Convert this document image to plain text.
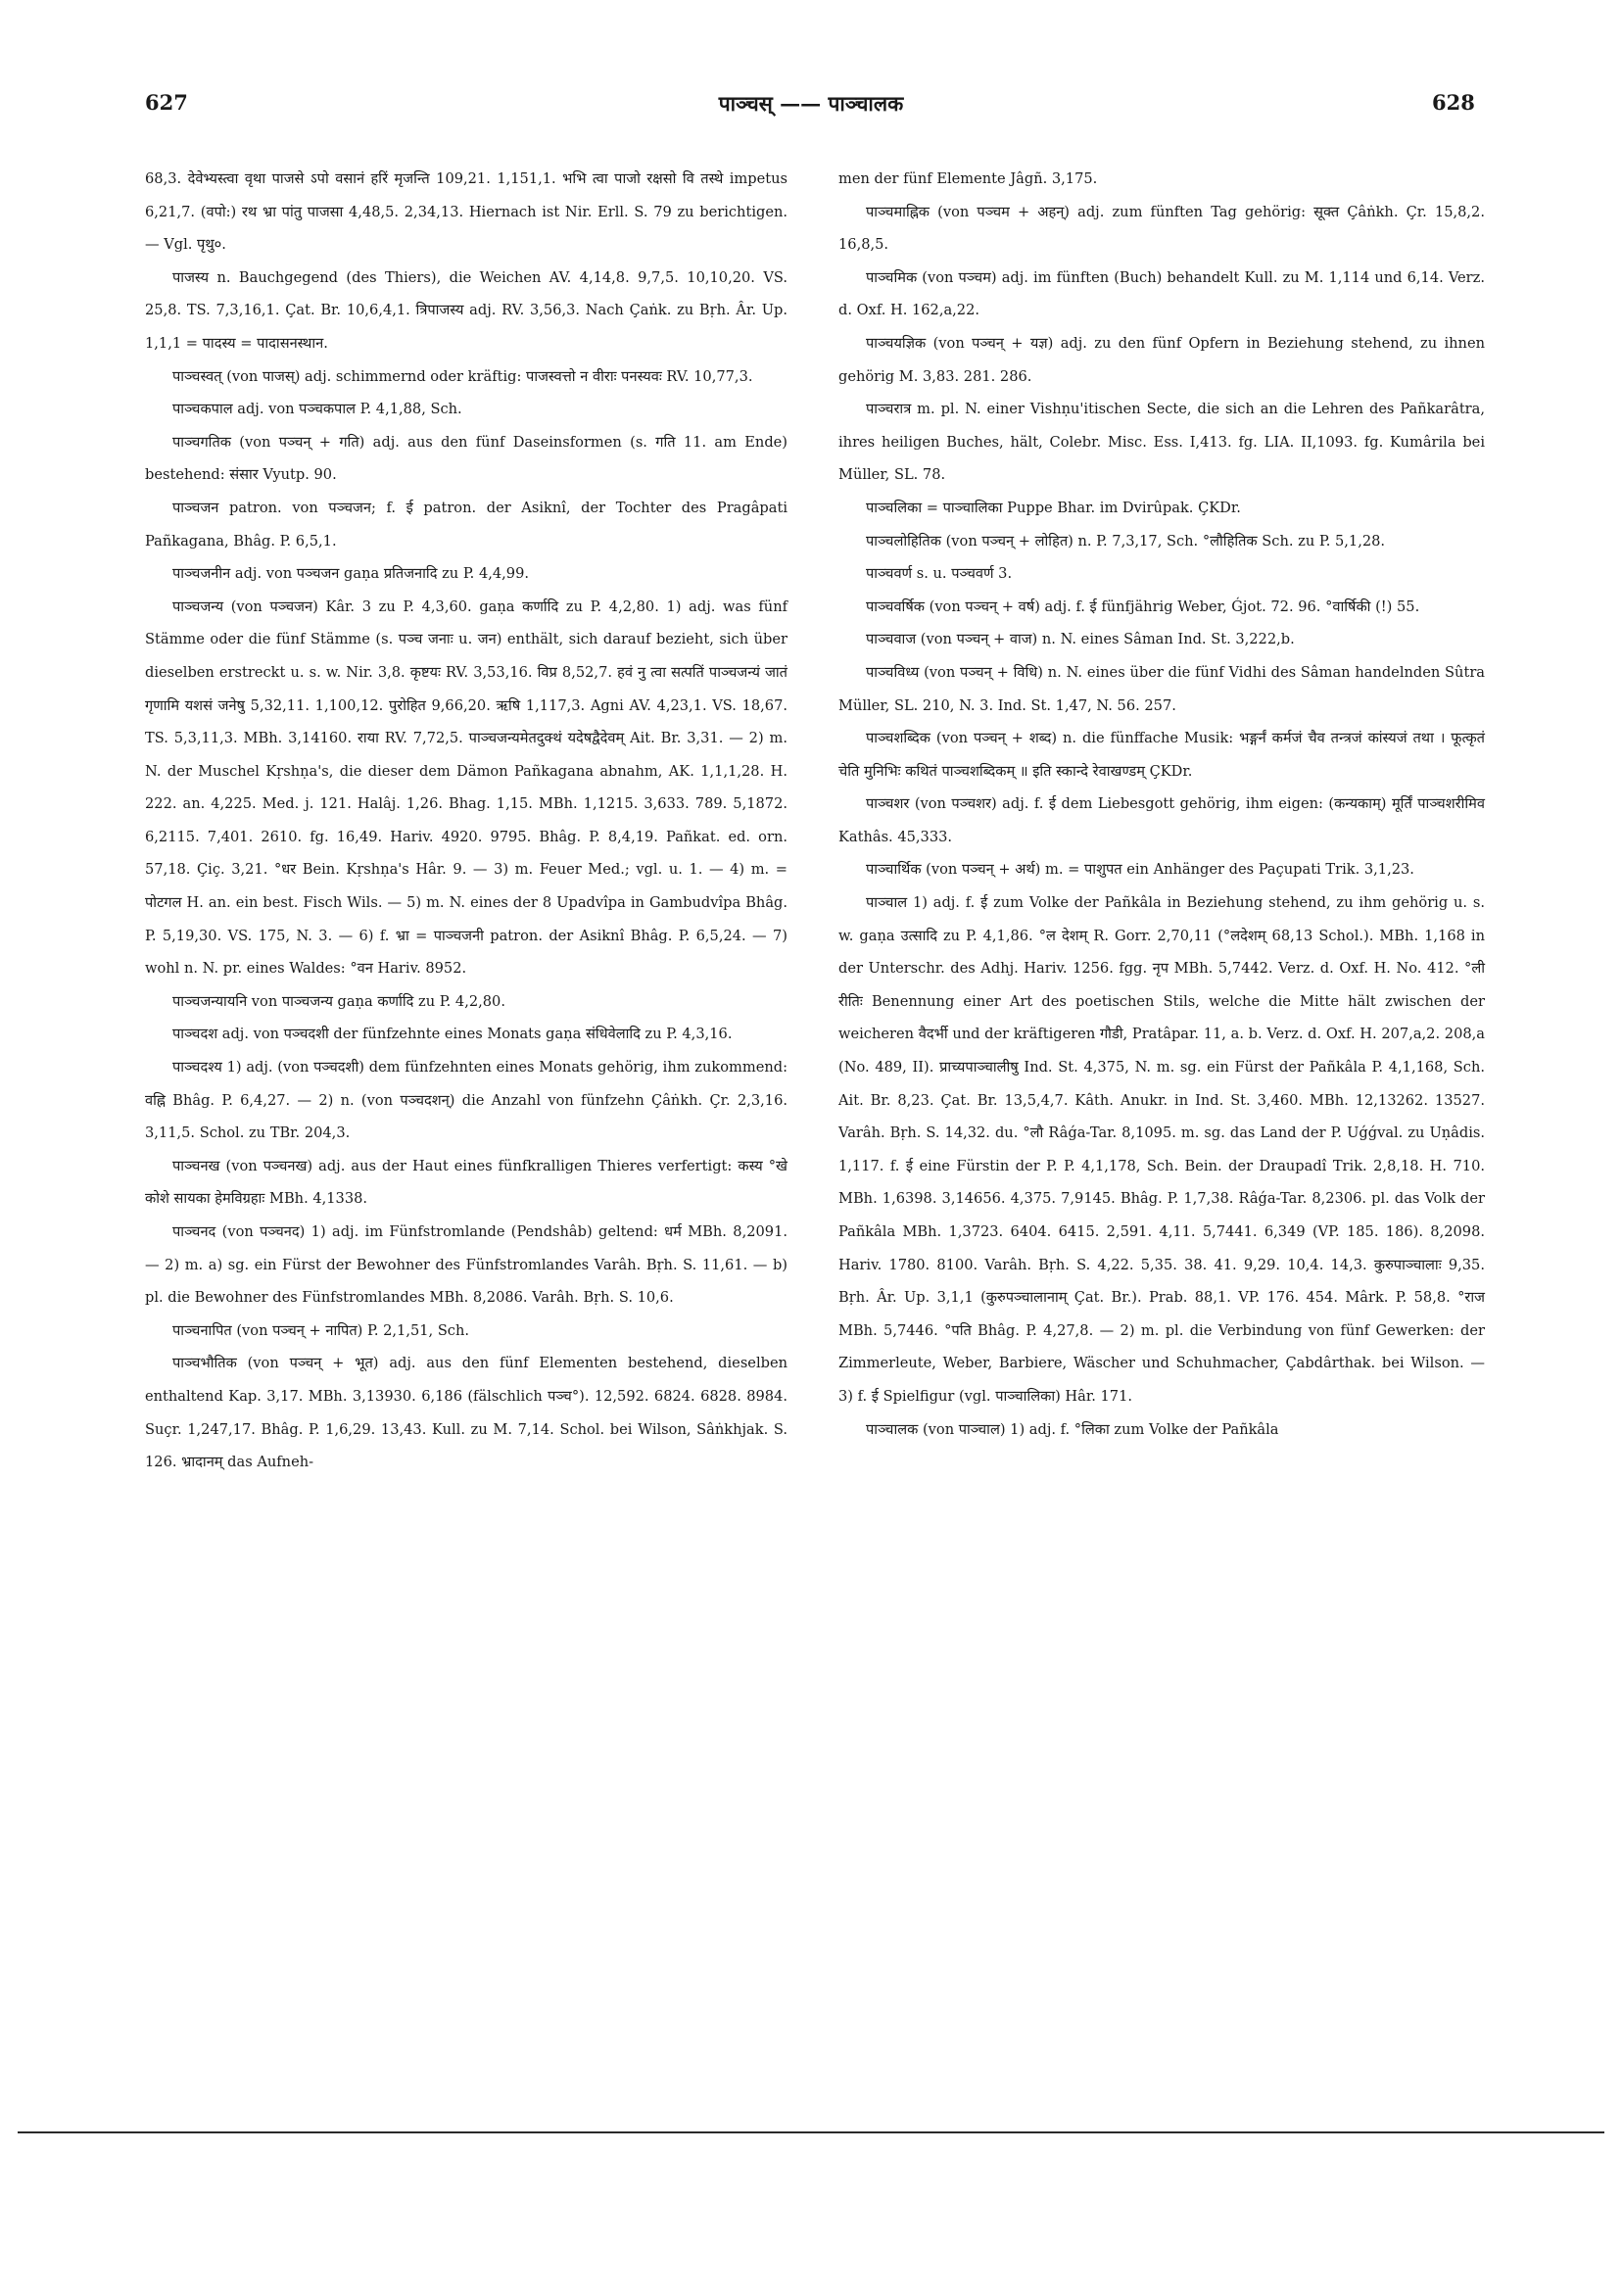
627	पाञ्चस् —— पाञ्चालक	628

68,3. देवेभ्यस्त्वा वृथा पाजसे ऽपो वसानं हरिं मृजन्ति 109,21. 1,151,1. भभि त्वा पाजो रक्षसो वि तस्थे impetus 6,21,7. (वपो:) रथ भ्रा पांतु पाजसा 4,48,5. 2,34,13. Hiernach ist Nir. Erll. S. 79 zu berichtigen. — Vgl. पृथु०.

पाजस्य n. Bauchgegend (des Thiers), die Weichen AV. 4,14,8. 9,7,5. 10,10,20. VS. 25,8. TS. 7,3,16,1. Çat. Br. 10,6,4,1. त्रिपाजस्य adj. RV. 3,56,3. Nach Çaṅk. zu Bṛh. Âr. Up. 1,1,1 = पादस्य = पादासनस्थान.

पाञ्चस्वत् (von पाजस्) adj. schimmernd oder kräftig: पाजस्वत्तो न वीराः पनस्यवः RV. 10,77,3.

पाञ्चकपाल adj. von पञ्चकपाल P. 4,1,88, Sch.

पाञ्चगतिक (von पञ्चन् + गति) adj. aus den fünf Daseinsformen (s. गति 11. am Ende) bestehend: संसार Vyutp. 90.

पाञ्चजन patron. von पञ्चजन; f. ई patron. der Asiknî, der Tochter des Pragâpati Pañkagana, Bhâg. P. 6,5,1.

पाञ्चजनीन adj. von पञ्चजन gaṇa प्रतिजनादि zu P. 4,4,99.

पाञ्चजन्य (von पञ्चजन) Kâr. 3 zu P. 4,3,60. gaṇa कर्णादि zu P. 4,2,80. 1) adj. was fünf Stämme oder die fünf Stämme (s. पञ्च जनाः u. जन) enthält, sich darauf bezieht, sich über dieselben erstreckt u. s. w. Nir. 3,8. कृष्टयः RV. 3,53,16. विप्र 8,52,7. हवं नु त्वा सत्पतिं पाञ्चजन्यं जातं गृणामि यशसं जनेषु 5,32,11. 1,100,12. पुरोहित 9,66,20. ऋषि 1,117,3. Agni AV. 4,23,1. VS. 18,67. TS. 5,3,11,3. MBh. 3,14160. राया RV. 7,72,5. पाञ्चजन्यमेतदुक्थं यदेषद्वैदेवम् Ait. Br. 3,31. — 2) m. N. der Muschel Kṛshṇa's, die dieser dem Dämon Pañkagana abnahm, AK. 1,1,1,28. H. 222. an. 4,225. Med. j. 121. Halâj. 1,26. Bhag. 1,15. MBh. 1,1215. 3,633. 789. 5,1872. 6,2115. 7,401. 2610. fg. 16,49. Hariv. 4920. 9795. Bhâg. P. 8,4,19. Pañkat. ed. orn. 57,18. Çiç. 3,21. °धर Bein. Kṛshṇa's Hâr. 9. — 3) m. Feuer Med.; vgl. u. 1. — 4) m. = पोटगल H. an. ein best. Fisch Wils. — 5) m. N. eines der 8 Upadvîpa in Gambudvîpa Bhâg. P. 5,19,30. VS. 175, N. 3. — 6) f. भ्रा = पाञ्चजनी patron. der Asiknî Bhâg. P. 6,5,24. — 7) wohl n. N. pr. eines Waldes: °वन Hariv. 8952.

पाञ्चजन्यायनि von पाञ्चजन्य gaṇa कर्णादि zu P. 4,2,80.

पाञ्चदश adj. von पञ्चदशी der fünfzehnte eines Monats gaṇa संधिवेलादि zu P. 4,3,16.

पाञ्चदश्य 1) adj. (von पञ्चदशी) dem fünfzehnten eines Monats gehörig, ihm zukommend: वह्नि Bhâg. P. 6,4,27. — 2) n. (von पञ्चदशन्) die Anzahl von fünfzehn Çâṅkh. Çr. 2,3,16. 3,11,5. Schol. zu TBr. 204,3.

पाञ्चनख (von पञ्चनख) adj. aus der Haut eines fünfkralligen Thieres verfertigt: कस्य °खे कोशे सायका हेमविग्रहाः MBh. 4,1338.

पाञ्चनद (von पञ्चनद) 1) adj. im Fünfstromlande (Pendshâb) geltend: धर्म MBh. 8,2091. — 2) m. a) sg. ein Fürst der Bewohner des Fünfstromlandes Varâh. Bṛh. S. 11,61. — b) pl. die Bewohner des Fünfstromlandes MBh. 8,2086. Varâh. Bṛh. S. 10,6.

पाञ्चनापित (von पञ्चन् + नापित) P. 2,1,51, Sch.

पाञ्चभौतिक (von पञ्चन् + भूत) adj. aus den fünf Elementen bestehend, dieselben enthaltend Kap. 3,17. MBh. 3,13930. 6,186 (fälschlich पञ्च°). 12,592. 6824. 6828. 8984. Suçr. 1,247,17. Bhâg. P. 1,6,29. 13,43. Kull. zu M. 7,14. Schol. bei Wilson, Sâṅkhjak. S. 126. भ्रादानम् das Aufneh-

men der fünf Elemente Jâgñ. 3,175.

पाञ्चमाह्निक (von पञ्चम + अहन्) adj. zum fünften Tag gehörig: सूक्त Çâṅkh. Çr. 15,8,2. 16,8,5.

पाञ्चमिक (von पञ्चम) adj. im fünften (Buch) behandelt Kull. zu M. 1,114 und 6,14. Verz. d. Oxf. H. 162,a,22.

पाञ्चयज्ञिक (von पञ्चन् + यज्ञ) adj. zu den fünf Opfern in Beziehung stehend, zu ihnen gehörig M. 3,83. 281. 286.

पाञ्चरात्र m. pl. N. einer Vishṇu'itischen Secte, die sich an die Lehren des Pañkarâtra, ihres heiligen Buches, hält, Colebr. Misc. Ess. I,413. fg. LIA. II,1093. fg. Kumârila bei Müller, SL. 78.

पाञ्चलिका = पाञ्चालिका Puppe Bhar. im Dvirûpak. ÇKDr.

पाञ्चलोहितिक (von पञ्चन् + लोहित) n. P. 7,3,17, Sch. °लौहितिक Sch. zu P. 5,1,28.

पाञ्चवर्ण s. u. पञ्चवर्ण 3.

पाञ्चवर्षिक (von पञ्चन् + वर्ष) adj. f. ई fünfjährig Weber, Ǵjot. 72. 96. °वार्षिकी (!) 55.

पाञ्चवाज (von पञ्चन् + वाज) n. N. eines Sâman Ind. St. 3,222,b.

पाञ्चविध्य (von पञ्चन् + विधि) n. N. eines über die fünf Vidhi des Sâman handelnden Sûtra Müller, SL. 210, N. 3. Ind. St. 1,47, N. 56. 257.

पाञ्चशब्दिक (von पञ्चन् + शब्द) n. die fünffache Musik: भङ्गर्नं कर्मजं चैव तन्त्रजं कांस्यजं तथा । फूत्कृतं चेति मुनिभिः कथितं पाञ्चशब्दिकम् ॥ इति स्कान्दे रेवाखण्डम् ÇKDr.

पाञ्चशर (von पञ्चशर) adj. f. ई dem Liebesgott gehörig, ihm eigen: (कन्यकाम्) मूर्तिं पाञ्चशरीमिव Kathâs. 45,333.

पाञ्चार्थिक (von पञ्चन् + अर्थ) m. = पाशुपत ein Anhänger des Paçupati Trik. 3,1,23.

पाञ्चाल 1) adj. f. ई zum Volke der Pañkâla in Beziehung stehend, zu ihm gehörig u. s. w. gaṇa उत्सादि zu P. 4,1,86. °ल देशम् R. Gorr. 2,70,11 (°लदेशम् 68,13 Schol.). MBh. 1,168 in der Unterschr. des Adhj. Hariv. 1256. fgg. नृप MBh. 5,7442. Verz. d. Oxf. H. No. 412. °ली रीतिः Benennung einer Art des poetischen Stils, welche die Mitte hält zwischen der weicheren वैदर्भी und der kräftigeren गौडी, Pratâpar. 11, a. b. Verz. d. Oxf. H. 207,a,2. 208,a (No. 489, II). प्राच्यपाञ्चालीषु Ind. St. 4,375, N. m. sg. ein Fürst der Pañkâla P. 4,1,168, Sch. Ait. Br. 8,23. Çat. Br. 13,5,4,7. Kâth. Anukr. in Ind. St. 3,460. MBh. 12,13262. 13527. Varâh. Bṛh. S. 14,32. du. °लौ Râǵa-Tar. 8,1095. m. sg. das Land der P. Uǵǵval. zu Uṇâdis. 1,117. f. ई eine Fürstin der P. P. 4,1,178, Sch. Bein. der Draupadî Trik. 2,8,18. H. 710. MBh. 1,6398. 3,14656. 4,375. 7,9145. Bhâg. P. 1,7,38. Râǵa-Tar. 8,2306. pl. das Volk der Pañkâla MBh. 1,3723. 6404. 6415. 2,591. 4,11. 5,7441. 6,349 (VP. 185. 186). 8,2098. Hariv. 1780. 8100. Varâh. Bṛh. S. 4,22. 5,35. 38. 41. 9,29. 10,4. 14,3. कुरुपाञ्चालाः 9,35. Bṛh. Âr. Up. 3,1,1 (कुरुपञ्चालानाम् Çat. Br.). Prab. 88,1. VP. 176. 454. Mârk. P. 58,8. °राज MBh. 5,7446. °पति Bhâg. P. 4,27,8. — 2) m. pl. die Verbindung von fünf Gewerken: der Zimmerleute, Weber, Barbiere, Wäscher und Schuhmacher, Çabdârthak. bei Wilson. — 3) f. ई Spielfigur (vgl. पाञ्चालिका) Hâr. 171.

पाञ्चालक (von पाञ्चाल) 1) adj. f. °लिका zum Volke der Pañkâla
